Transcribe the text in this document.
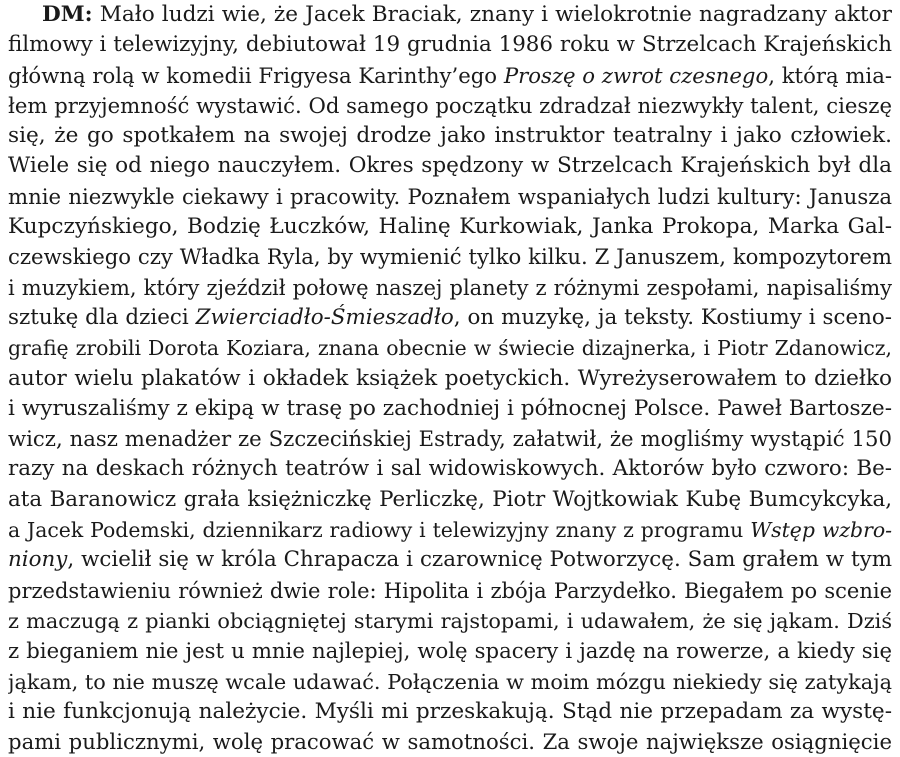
DM: Mało ludzi wie, że Jacek Braciak, znany i wielokrotnie nagradzany aktor
filmowy i telewizyjny, debiutował 19 grudnia 1986 roku w Strzelcach Krajeńskich
główną rolą w komedii Frigyesa Karinthy’ego Proszę o zwrot czesnego, którą mia-
łem przyjemność wystawić. Od samego początku zdradzał niezwykły talent, cieszę
się, że go spotkałem na swojej drodze jako instruktor teatralny i jako człowiek.
Wiele się od niego nauczyłem. Okres spędzony w Strzelcach Krajeńskich był dla
mnie niezwykle ciekawy i pracowity. Poznałem wspaniałych ludzi kultury: Janusza
Kupczyńskiego, Bodzię Łuczków, Halinę Kurkowiak, Janka Prokopa, Marka Gal-
czewskiego czy Władka Ryla, by wymienić tylko kilku. Z Januszem, kompozytorem
i muzykiem, który zjeździł połowę naszej planety z różnymi zespołami, napisaliśmy
sztukę dla dzieci Zwierciadło-Śmieszadło, on muzykę, ja teksty. Kostiumy i sceno-
grafię zrobili Dorota Koziara, znana obecnie w świecie dizajnerka, i Piotr Zdanowicz,
autor wielu plakatów i okładek książek poetyckich. Wyreżyserowałem to dziełko
i wyruszaliśmy z ekipą w trasę po zachodniej i północnej Polsce. Paweł Bartosze-
wicz, nasz menadżer ze Szczecińskiej Estrady, załatwił, że mogliśmy wystąpić 150
razy na deskach różnych teatrów i sal widowiskowych. Aktorów było czworo: Be-
ata Baranowicz grała księżniczkę Perliczkę, Piotr Wojtkowiak Kubę Bumcykcyka,
a Jacek Podemski, dziennikarz radiowy i telewizyjny znany z programu Wstęp wzbro-
niony, wcielił się w króla Chrapacza i czarownicę Potworzycę. Sam grałem w tym
przedstawieniu również dwie role: Hipolita i zbója Parzydełko. Biegałem po scenie
z maczugą z pianki obciągniętej starymi rajstopami, i udawałem, że się jąkam. Dziś
z bieganiem nie jest u mnie najlepiej, wolę spacery i jazdę na rowerze, a kiedy się
jąkam, to nie muszę wcale udawać. Połączenia w moim mózgu niekiedy się zatykają
i nie funkcjonują należycie. Myśli mi przeskakują. Stąd nie przepadam za wystę-
pami publicznymi, wolę pracować w samotności. Za swoje największe osiągnięcie
